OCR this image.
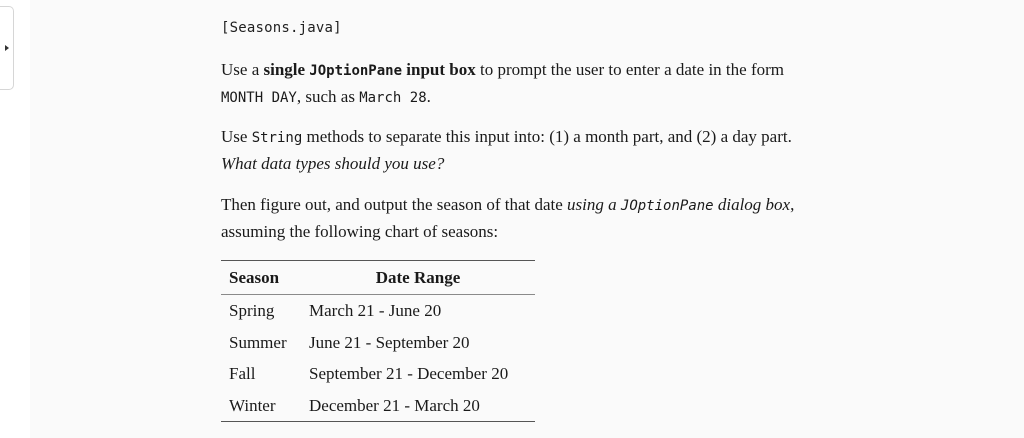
[Seasons.java]

Use a single JOptionPane input box to prompt the user to enter a date in the form MONTH DAY, such as March 28.

Use String methods to separate this input into: (1) a month part, and (2) a day part. What data types should you use?

Then figure out, and output the season of that date using a JOptionPane dialog box, assuming the following chart of seasons:

Season	Date Range
Spring	March 21 - June 20
Summer	June 21 - September 20
Fall	September 21 - December 20
Winter	December 21 - March 20
